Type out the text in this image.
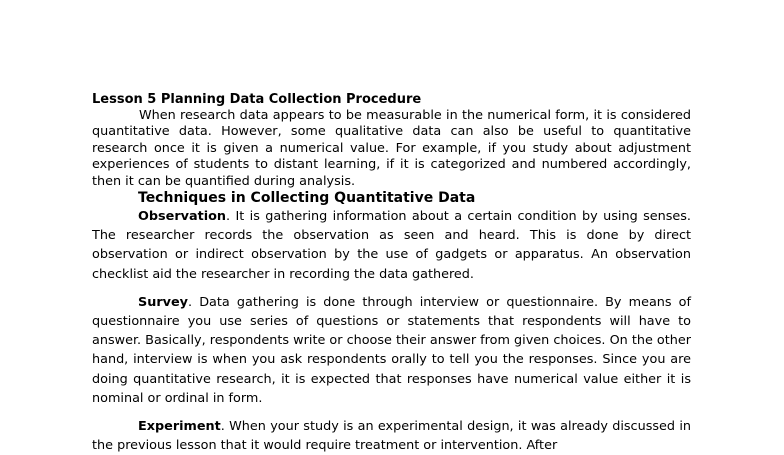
Lesson 5 Planning Data Collection Procedure

When research data appears to be measurable in the numerical form, it is considered quantitative data. However, some qualitative data can also be useful to quantitative research once it is given a numerical value. For example, if you study about adjustment experiences of students to distant learning, if it is categorized and numbered accordingly, then it can be quantified during analysis.

Techniques in Collecting Quantitative Data

Observation. It is gathering information about a certain condition by using senses. The researcher records the observation as seen and heard. This is done by direct observation or indirect observation by the use of gadgets or apparatus. An observation checklist aid the researcher in recording the data gathered.

Survey. Data gathering is done through interview or questionnaire. By means of questionnaire you use series of questions or statements that respondents will have to answer. Basically, respondents write or choose their answer from given choices. On the other hand, interview is when you ask respondents orally to tell you the responses. Since you are doing quantitative research, it is expected that responses have numerical value either it is nominal or ordinal in form.

Experiment. When your study is an experimental design, it was already discussed in the previous lesson that it would require treatment or intervention. After
